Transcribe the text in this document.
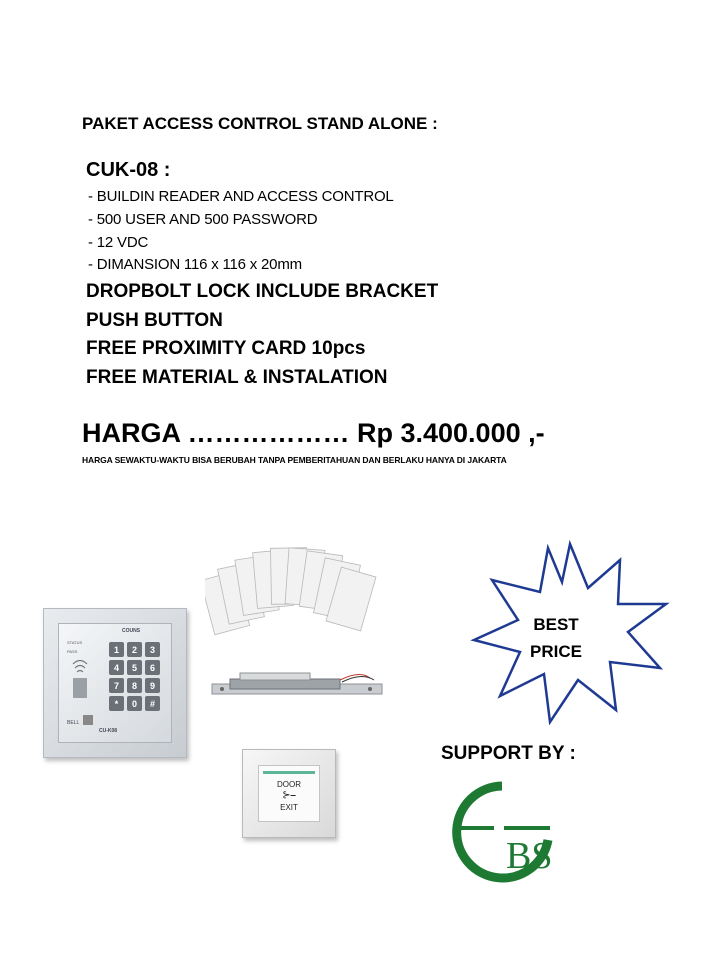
PAKET ACCESS CONTROL STAND ALONE :
CUK-08 :
- BUILDIN READER AND ACCESS CONTROL
- 500 USER AND 500 PASSWORD
- 12 VDC
- DIMANSION 116 x 116 x 20mm
DROPBOLT LOCK INCLUDE BRACKET
PUSH BUTTON
FREE PROXIMITY CARD 10pcs
FREE MATERIAL & INSTALATION
HARGA ……………… Rp 3.400.000 ,-
HARGA SEWAKTU-WAKTU BISA BERUBAH TANPA PEMBERITAHUAN DAN BERLAKU HANYA DI JAKARTA
STATUS
PASS
COUNS
1	2	3
4	5	6
7	8	9
*	0	#
BELL
CU-K08
DOOR
⊱⎯
EXIT
BEST
PRICE
SUPPORT BY :
BS
